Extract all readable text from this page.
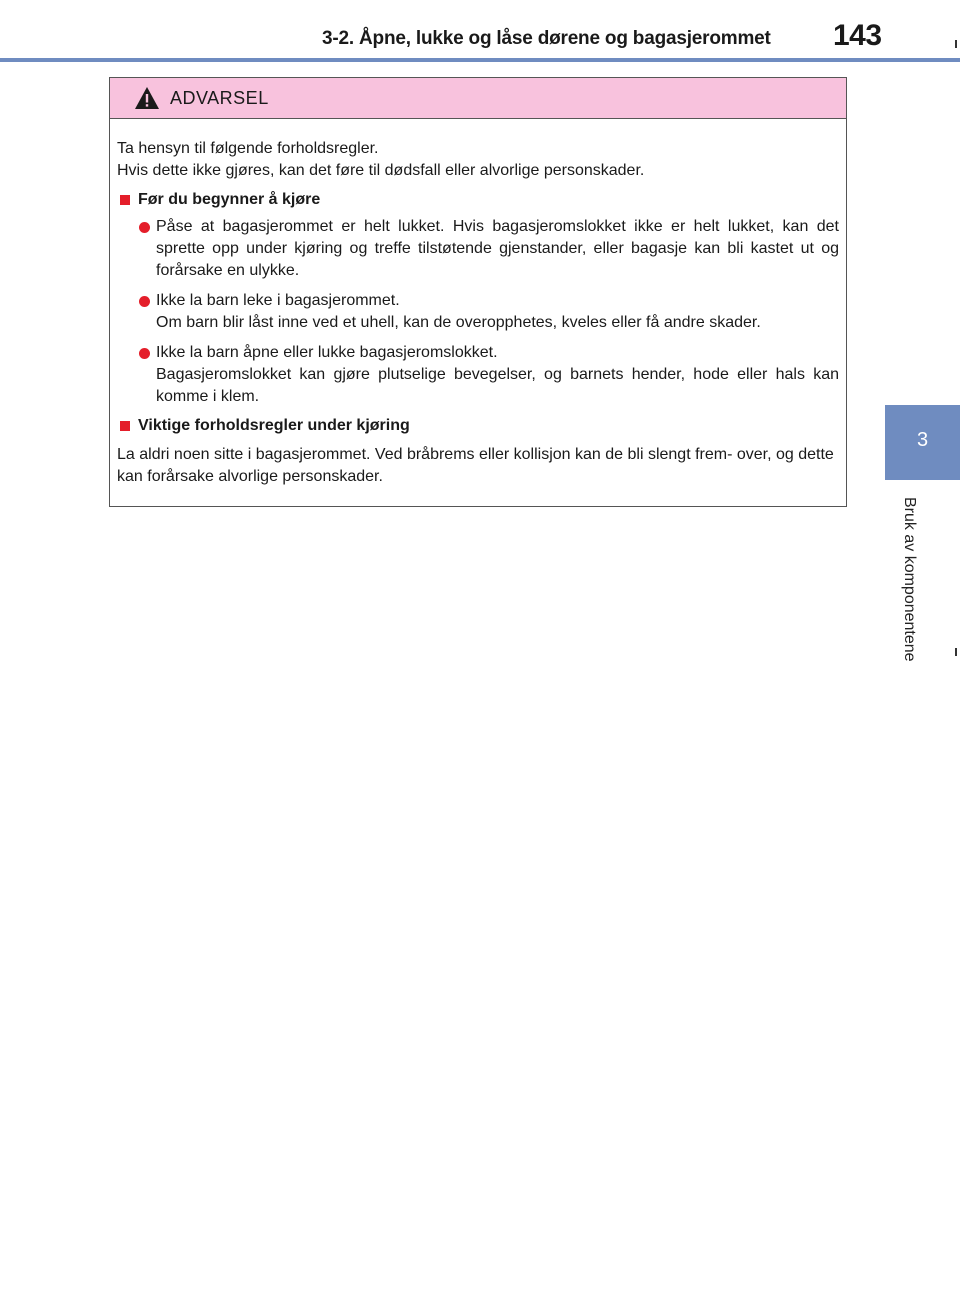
3-2. Åpne, lukke og låse dørene og bagasjerommet 143
3
Bruk av komponentene
ADVARSEL

Ta hensyn til følgende forholdsregler.

Hvis dette ikke gjøres, kan det føre til dødsfall eller alvorlige personskader.

Før du begynner å kjøre

Påse at bagasjerommet er helt lukket. Hvis bagasjeromslokket ikke er helt lukket, kan det sprette opp under kjøring og treffe tilstøtende gjenstander, eller bagasje kan bli kastet ut og forårsake en ulykke.

Ikke la barn leke i bagasjerommet.

Om barn blir låst inne ved et uhell, kan de overopphetes, kveles eller få andre skader.

Ikke la barn åpne eller lukke bagasjeromslokket.

Bagasjeromslokket kan gjøre plutselige bevegelser, og barnets hender, hode eller hals kan komme i klem.

Viktige forholdsregler under kjøring

La aldri noen sitte i bagasjerommet. Ved bråbrems eller kollisjon kan de bli slengt frem- over, og dette kan forårsake alvorlige personskader.
